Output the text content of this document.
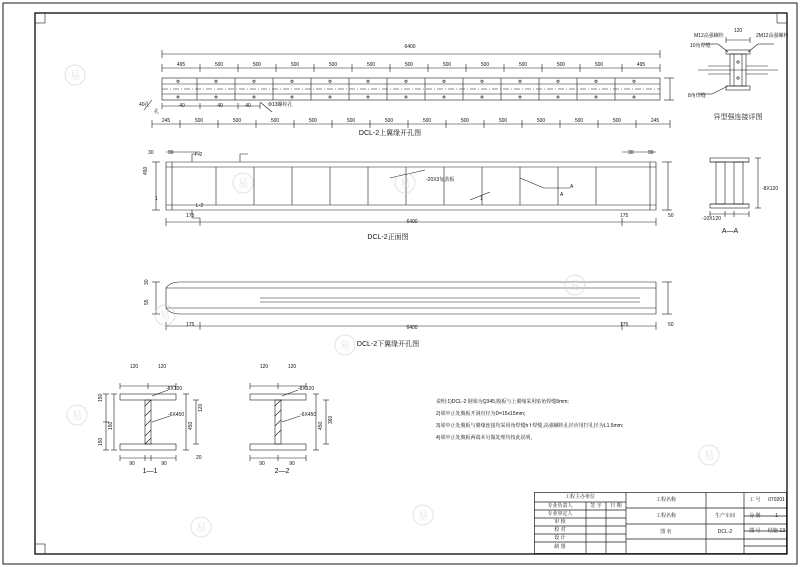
6400
495	500	500	500	500	500	500	500	500	500	500	500	495
245	500	500	500	500	500	500	500	500	500	500	500	500	245
40	40	40
40孔
孔
Φ13螺栓孔
DCL-2上翼缘开孔图
30	90	30	90
450
175	175	50
6400
Γ-2
L-2
-20X3加劲板
A
A
1
1
DCL-2正面图
30
55
175	175	50
6400
DCL-2下翼缘开孔图
M12高强螺栓	2M12高强螺栓
10角焊缝
8角焊缝
120
异型强连接详图
-10X120
-8X120
A—A
120	120
150
150
150	450
120
90	90
20
-8X120
-6X450
1—1
120	120
450
360
90	90
-8X120
-6X450
2—2
说明:1)DCL-2 钢梁为Q345,腹板与上翼缘采用贴角焊缝8mm;
2)梁中止处腹板开洞直径为D=15x15mm;
3)梁中止处腹板与翼缘连接均采用角焊缝h f 焊缝,高强螺栓孔径应用拧孔径为L1.5mm;
4)梁中止处腹板两端未另做处理均按此说明。
工程主办单位
专业负责人	签 字	日 期
专业审定人
审 核
校 对
设 计
制 图
工程名称
工程名称	生产车间
图 名	DCL-2
工 号	070201
分 册	1
图 号	结施-13
易
易	易
易
易
易
易
易
易
易
